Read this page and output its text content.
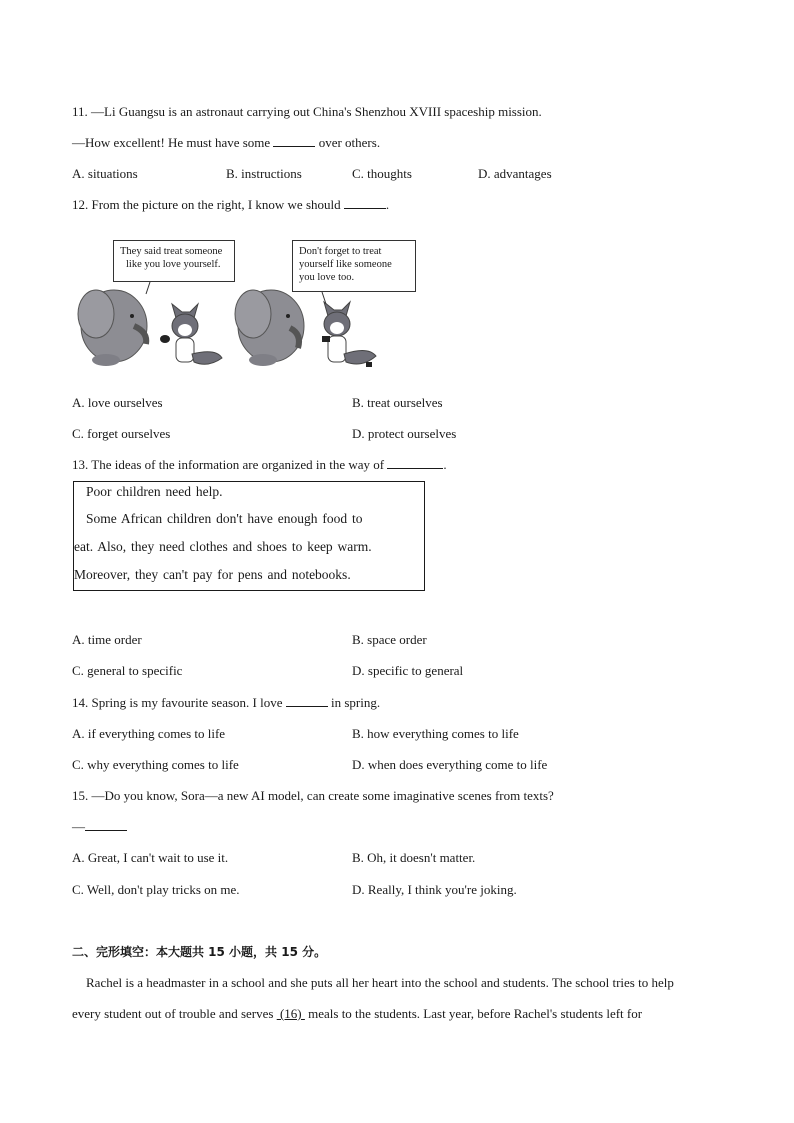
11. —Li Guangsu is an astronaut carrying out China's Shenzhou XVIII spaceship mission.
—How excellent! He must have some	over others.
A. situations	B. instructions	C. thoughts	D. advantages
12. From the picture on the right, I know we should	.
They said treat someone
like you love yourself.
Don't forget to treat
yourself like someone
you love too.
A. love ourselves	B. treat ourselves
C. forget ourselves	D. protect ourselves
13. The ideas of the information are organized in the way of	.
Poor children need help.
Some African children don't have enough food to
eat. Also, they need clothes and shoes to keep warm.
Moreover, they can't pay for pens and notebooks.
A. time order	B. space order
C. general to specific	D. specific to general
14. Spring is my favourite season. I love	in spring.
A. if everything comes to life	B. how everything comes to life
C. why everything comes to life	D. when does everything come to life
15. —Do you know, Sora—a new AI model, can create some imaginative scenes from texts?
—
A. Great, I can't wait to use it.	B. Oh, it doesn't matter.
C. Well, don't play tricks on me.	D. Really, I think you're joking.
二、完形填空：本大题共 15 小题，共 15 分。
Rachel is a headmaster in a school and she puts all her heart into the school and students. The school tries to help
every student out of trouble and serves  (16)  meals to the students. Last year, before Rachel's students left for
